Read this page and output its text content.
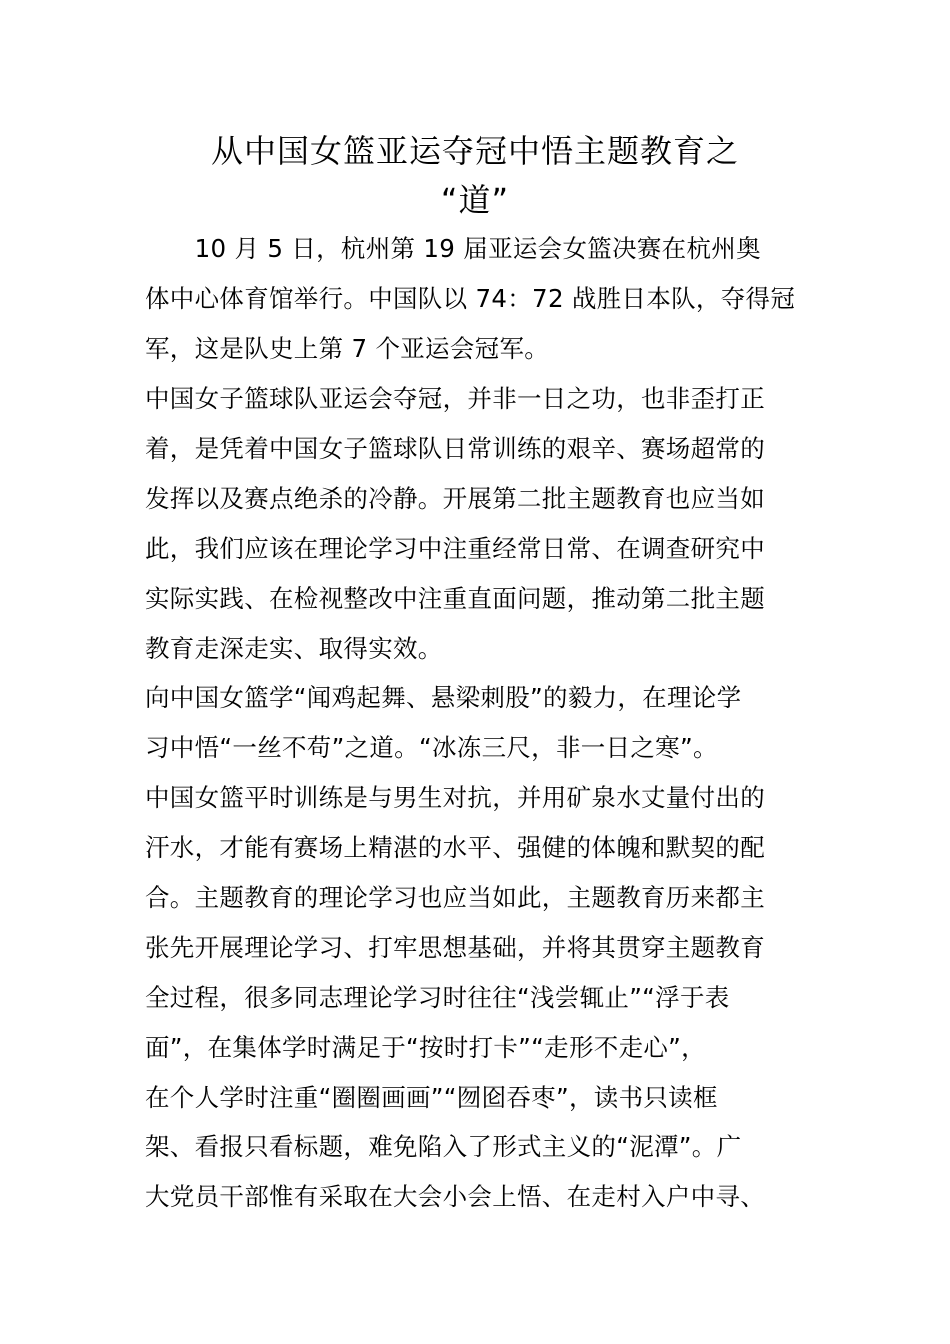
从中国女篮亚运夺冠中悟主题教育之
“道”
　　10 月 5 日，杭州第 19 届亚运会女篮决赛在杭州奥
体中心体育馆举行。中国队以 74：72 战胜日本队，夺得冠
军，这是队史上第 7 个亚运会冠军。
中国女子篮球队亚运会夺冠，并非一日之功，也非歪打正
着，是凭着中国女子篮球队日常训练的艰辛、赛场超常的
发挥以及赛点绝杀的冷静。开展第二批主题教育也应当如
此，我们应该在理论学习中注重经常日常、在调查研究中
实际实践、在检视整改中注重直面问题，推动第二批主题
教育走深走实、取得实效。
向中国女篮学“闻鸡起舞、悬梁刺股”的毅力，在理论学
习中悟“一丝不苟”之道。“冰冻三尺，非一日之寒”。
中国女篮平时训练是与男生对抗，并用矿泉水丈量付出的
汗水，才能有赛场上精湛的水平、强健的体魄和默契的配
合。主题教育的理论学习也应当如此，主题教育历来都主
张先开展理论学习、打牢思想基础，并将其贯穿主题教育
全过程，很多同志理论学习时往往“浅尝辄止”“浮于表
面”，在集体学时满足于“按时打卡”“走形不走心”，
在个人学时注重“圈圈画画”“囫囵吞枣”，读书只读框
架、看报只看标题，难免陷入了形式主义的“泥潭”。广
大党员干部惟有采取在大会小会上悟、在走村入户中寻、
